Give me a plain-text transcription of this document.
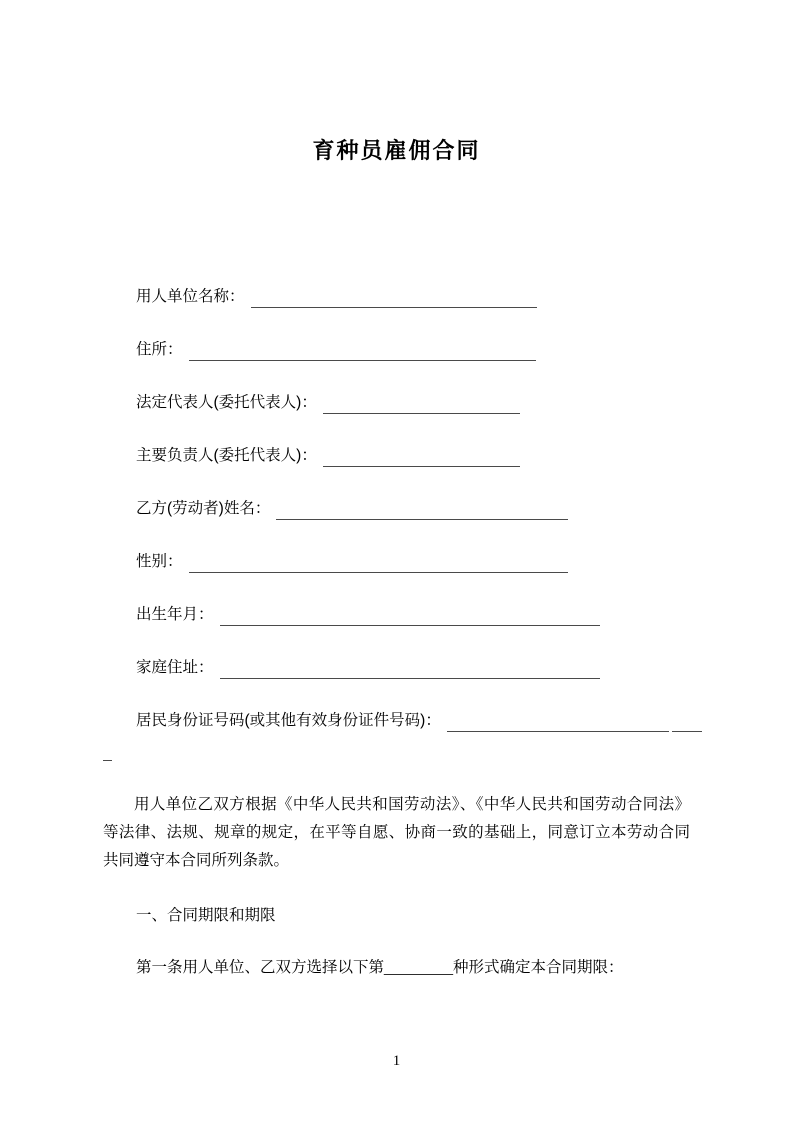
育种员雇佣合同
用人单位名称：
住所：
法定代表人(委托代表人)：
主要负责人(委托代表人)：
乙方(劳动者)姓名：
性别：
出生年月：
家庭住址：
居民身份证号码(或其他有效身份证件号码)：

用人单位乙双方根据《中华人民共和国劳动法》、《中华人民共和国劳动合同法》等法律、法规、规章的规定，在平等自愿、协商一致的基础上，同意订立本劳动合同共同遵守本合同所列条款。

一、合同期限和期限
第一条用人单位、乙双方选择以下第________种形式确定本合同期限：
1
